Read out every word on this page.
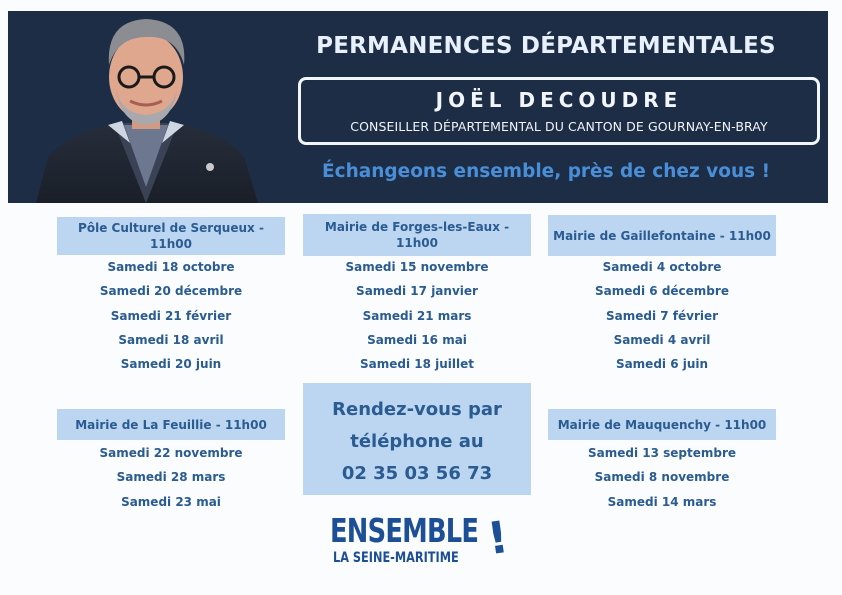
PERMANENCES DÉPARTEMENTALES
JOËL DECOUDRE
CONSEILLER DÉPARTEMENTAL DU CANTON DE GOURNAY-EN-BRAY
Échangeons ensemble, près de chez vous !
Pôle Culturel de Serqueux - 11h00
Samedi 18 octobre
Samedi 20 décembre
Samedi 21 février
Samedi 18 avril
Samedi 20 juin
Mairie de Forges-les-Eaux - 11h00
Samedi 15 novembre
Samedi 17 janvier
Samedi 21 mars
Samedi 16 mai
Samedi 18 juillet
Mairie de Gaillefontaine - 11h00
Samedi 4 octobre
Samedi 6 décembre
Samedi 7 février
Samedi 4 avril
Samedi 6 juin
Mairie de La Feuillie - 11h00
Samedi 22 novembre
Samedi 28 mars
Samedi 23 mai
Mairie de Mauquenchy - 11h00
Samedi 13 septembre
Samedi 8 novembre
Samedi 14 mars
Rendez-vous par
téléphone au
02 35 03 56 73
ENSEMBLE
LA SEINE-MARITIME !
